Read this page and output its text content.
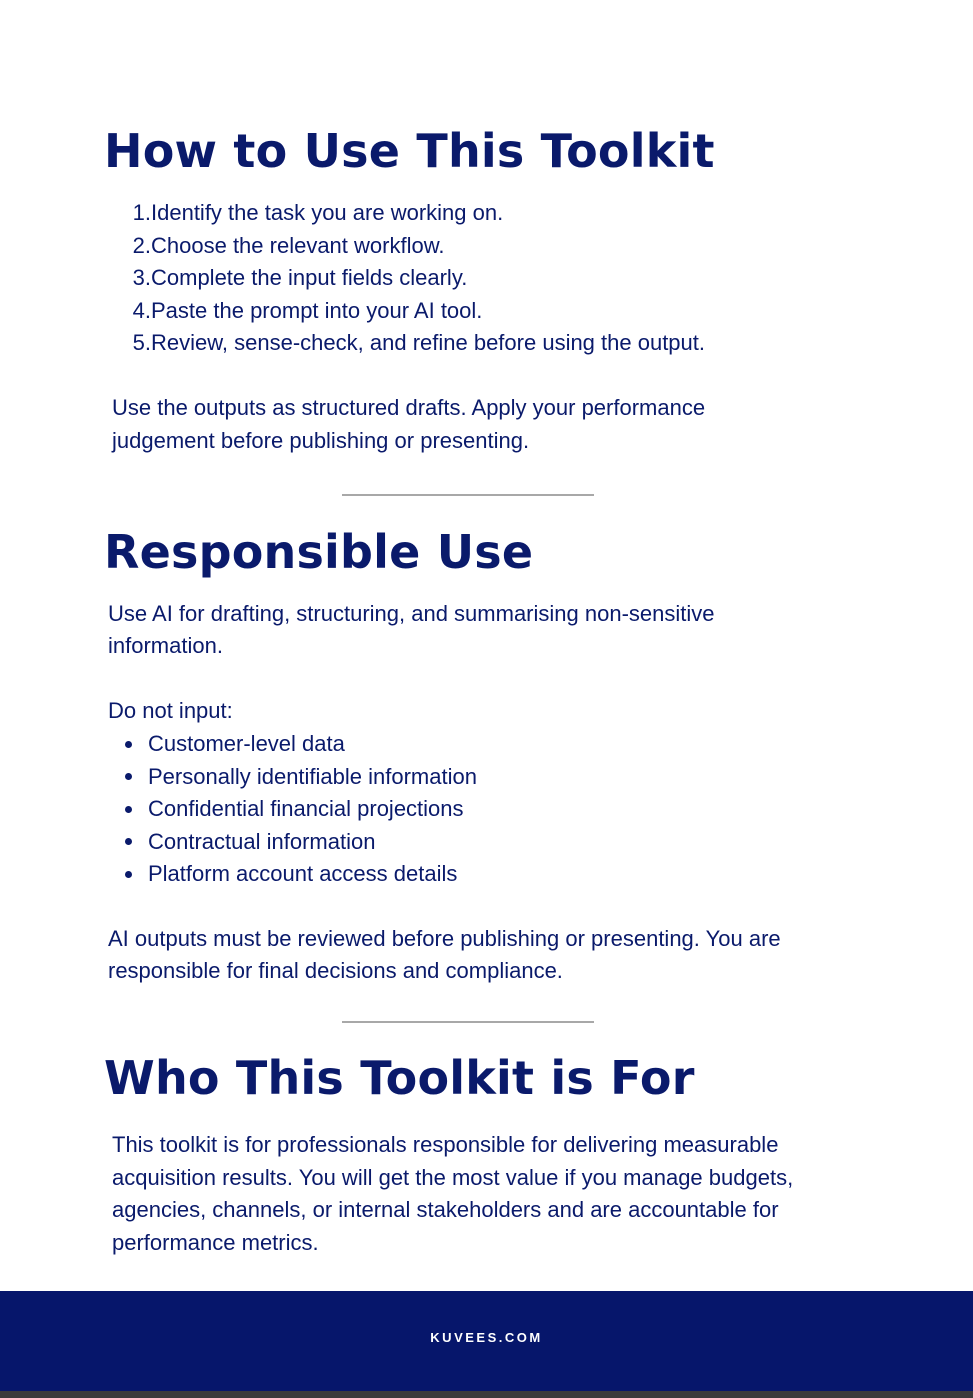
How to Use This Toolkit
1. Identify the task you are working on.
2. Choose the relevant workflow.
3. Complete the input fields clearly.
4. Paste the prompt into your AI tool.
5. Review, sense-check, and refine before using the output.

Use the outputs as structured drafts. Apply your performance

judgement before publishing or presenting.

Responsible Use

Use AI for drafting, structuring, and summarising non-sensitive

information.

Do not input:

Customer-level data
Personally identifiable information
Confidential financial projections
Contractual information
Platform account access details

AI outputs must be reviewed before publishing or presenting. You are

responsible for final decisions and compliance.

Who This Toolkit is For

This toolkit is for professionals responsible for delivering measurable

acquisition results. You will get the most value if you manage budgets,

agencies, channels, or internal stakeholders and are accountable for

performance metrics.

KUVEES.COM
